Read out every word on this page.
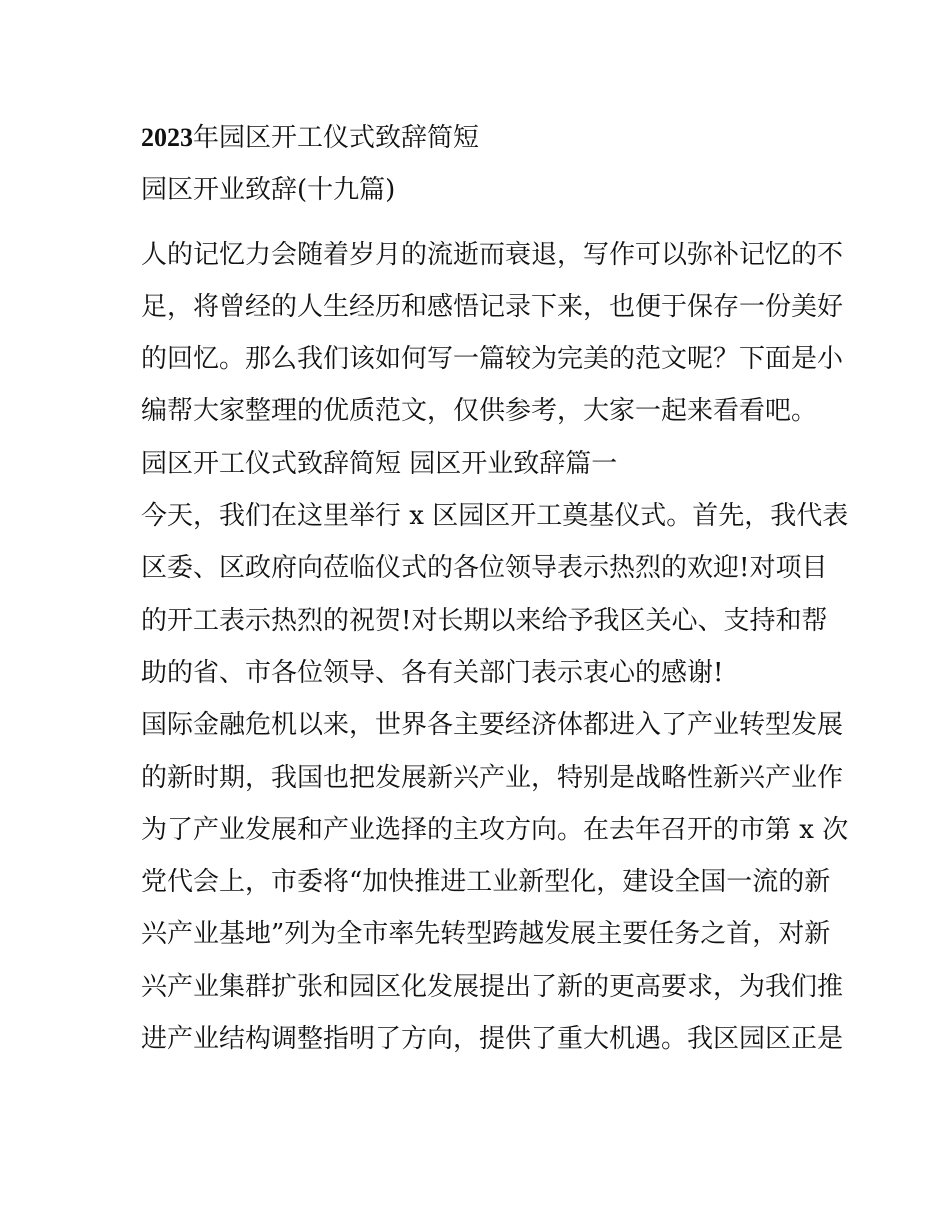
2023年园区开工仪式致辞简短
园区开业致辞(十九篇)
人的记忆力会随着岁月的流逝而衰退，写作可以弥补记忆的不
足，将曾经的人生经历和感悟记录下来，也便于保存一份美好
的回忆。那么我们该如何写一篇较为完美的范文呢？下面是小
编帮大家整理的优质范文，仅供参考，大家一起来看看吧。
园区开工仪式致辞简短 园区开业致辞篇一
今天，我们在这里举行 x 区园区开工奠基仪式。首先，我代表
区委、区政府向莅临仪式的各位领导表示热烈的欢迎!对项目
的开工表示热烈的祝贺!对长期以来给予我区关心、支持和帮
助的省、市各位领导、各有关部门表示衷心的感谢!
国际金融危机以来，世界各主要经济体都进入了产业转型发展
的新时期，我国也把发展新兴产业，特别是战略性新兴产业作
为了产业发展和产业选择的主攻方向。在去年召开的市第 x 次
党代会上，市委将“加快推进工业新型化，建设全国一流的新
兴产业基地”列为全市率先转型跨越发展主要任务之首，对新
兴产业集群扩张和园区化发展提出了新的更高要求，为我们推
进产业结构调整指明了方向，提供了重大机遇。我区园区正是
